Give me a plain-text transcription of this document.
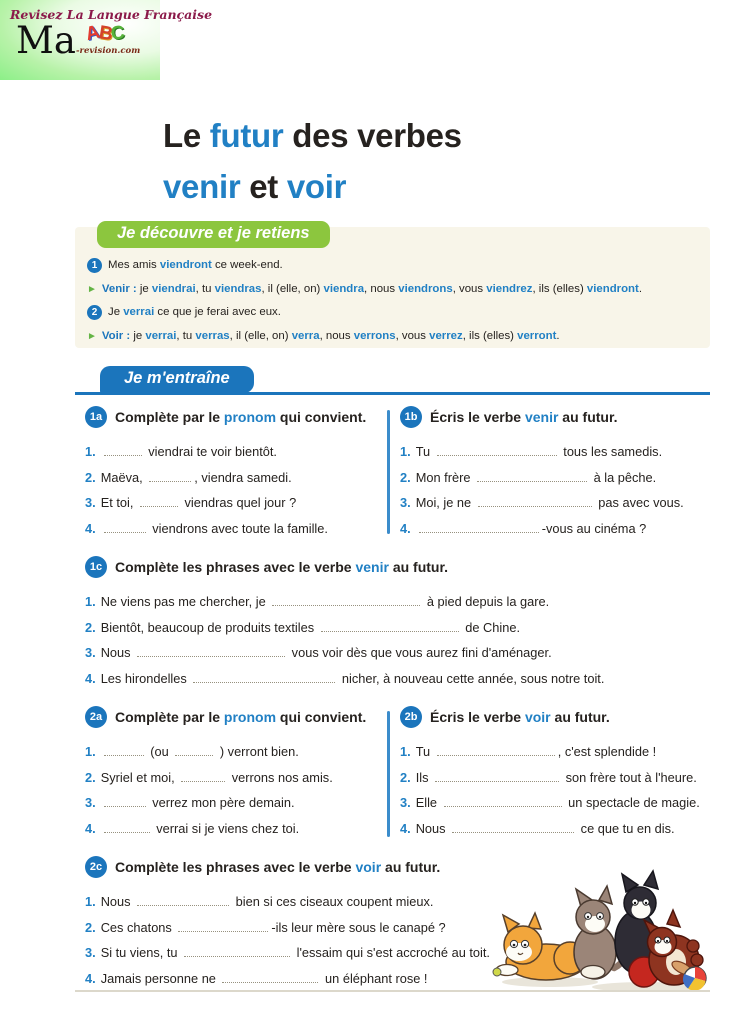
Revisez La Langue Française
Ma-revision.com
ABC
Le futur des verbes
venir et voir
Je découvre et je retiens
1 Mes amis viendront ce week-end.
► Venir : je viendrai, tu viendras, il (elle, on) viendra, nous viendrons, vous viendrez, ils (elles) viendront.
2 Je verrai ce que je ferai avec eux.
► Voir : je verrai, tu verras, il (elle, on) verra, nous verrons, vous verrez, ils (elles) verront.
Je m'entraîne
1a Complète par le pronom qui convient.
1.	viendrai te voir bientôt.
2. Maëva,	, viendra samedi.
3. Et toi,	viendras quel jour ?
4.	viendrons avec toute la famille.
1b Écris le verbe venir au futur.
1. Tu	tous les samedis.
2. Mon frère	à la pêche.
3. Moi, je ne	pas avec vous.
4.	-vous au cinéma ?
1c Complète les phrases avec le verbe venir au futur.
1. Ne viens pas me chercher, je	à pied depuis la gare.
2. Bientôt, beaucoup de produits textiles	de Chine.
3. Nous	vous voir dès que vous aurez fini d'aménager.
4. Les hirondelles	nicher, à nouveau cette année, sous notre toit.
2a Complète par le pronom qui convient.
1.	(ou	) verront bien.
2. Syriel et moi,	verrons nos amis.
3.	verrez mon père demain.
4.	verrai si je viens chez toi.
2b Écris le verbe voir au futur.
1. Tu	, c'est splendide !
2. Ils	son frère tout à l'heure.
3. Elle	un spectacle de magie.
4. Nous	ce que tu en dis.
2c Complète les phrases avec le verbe voir au futur.
1. Nous	bien si ces ciseaux coupent mieux.
2. Ces chatons	-ils leur mère sous le canapé ?
3. Si tu viens, tu	l'essaim qui s'est accroché au toit.
4. Jamais personne ne	un éléphant rose !
